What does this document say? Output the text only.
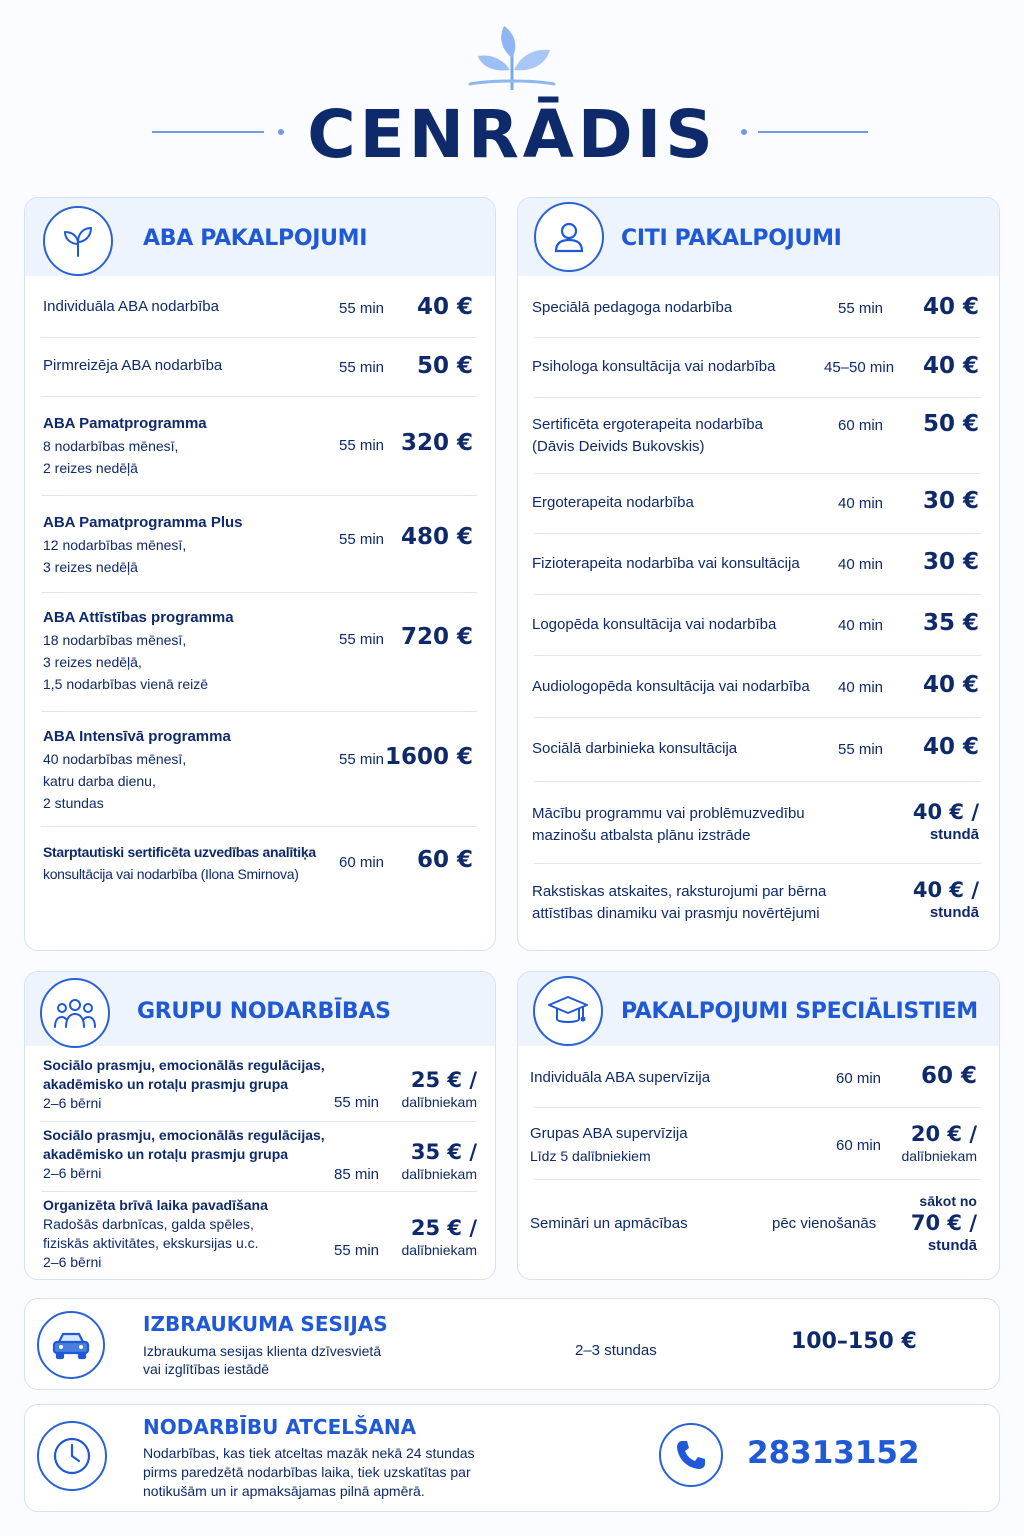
CENRĀDIS
ABA PAKALPOJUMI
Individuāla ABA nodarbība	55 min 40 €
Pirmreizēja ABA nodarbība	55 min 50 €
ABA Pamatprogramma
8 nodarbības mēnesī,
2 reizes nedēļā
55 min 320 €
ABA Pamatprogramma Plus
12 nodarbības mēnesī,
3 reizes nedēļā
55 min 480 €
ABA Attīstības programma
18 nodarbības mēnesī,
3 reizes nedēļā,
1,5 nodarbības vienā reizē
55 min 720 €
ABA Intensīvā programma
40 nodarbības mēnesī,
katru darba dienu,
2 stundas
55 min 1600 €
Starptautiski sertificēta uzvedības analītiķa
konsultācija vai nodarbība (Ilona Smirnova)
60 min 60 €
CITI PAKALPOJUMI
Speciālā pedagoga nodarbība	55 min 40 €
Psihologa konsultācija vai nodarbība	45–50 min 40 €
Sertificēta ergoterapeita nodarbība
(Dāvis Deivids Bukovskis)
60 min 50 €
Ergoterapeita nodarbība	40 min 30 €
Fizioterapeita nodarbība vai konsultācija	40 min 30 €
Logopēda konsultācija vai nodarbība	40 min 35 €
Audiologopēda konsultācija vai nodarbība 40 min 40 €
Sociālā darbinieka konsultācija	55 min 40 €
Mācību programmu vai problēmuzvedību
mazinošu atbalsta plānu izstrāde
40 € /
stundā
Rakstiskas atskaites, raksturojumi par bērna
attīstības dinamiku vai prasmju novērtējumi
40 € /
stundā
GRUPU NODARBĪBAS
Sociālo prasmju, emocionālās regulācijas,
akadēmisko un rotaļu prasmju grupa
2–6 bērni	55 min
25 € /
dalībniekam
Sociālo prasmju, emocionālās regulācijas,
akadēmisko un rotaļu prasmju grupa
2–6 bērni	85 min
35 € /
dalībniekam
Organizēta brīvā laika pavadīšana
Radošās darbnīcas, galda spēles,
fiziskās aktivitātes, ekskursijas u.c.
2–6 bērni
55 min
25 € /
dalībniekam
PAKALPOJUMI SPECIĀLISTIEM
Individuāla ABA supervīzija	60 min 60 €
Grupas ABA supervīzija
Līdz 5 dalībniekiem
60 min	20 € /
dalībniekam
Semināri un apmācības	pēc vienošanās
sākot no
70 € /
stundā
IZBRAUKUMA SESIJAS
Izbraukuma sesijas klienta dzīvesvietā
vai izglītības iestādē
2–3 stundas	100–150 €
NODARBĪBU ATCELŠANA
Nodarbības, kas tiek atceltas mazāk nekā 24 stundas
pirms paredzētā nodarbības laika, tiek uzskatītas par
notikušām un ir apmaksājamas pilnā apmērā.
28313152
